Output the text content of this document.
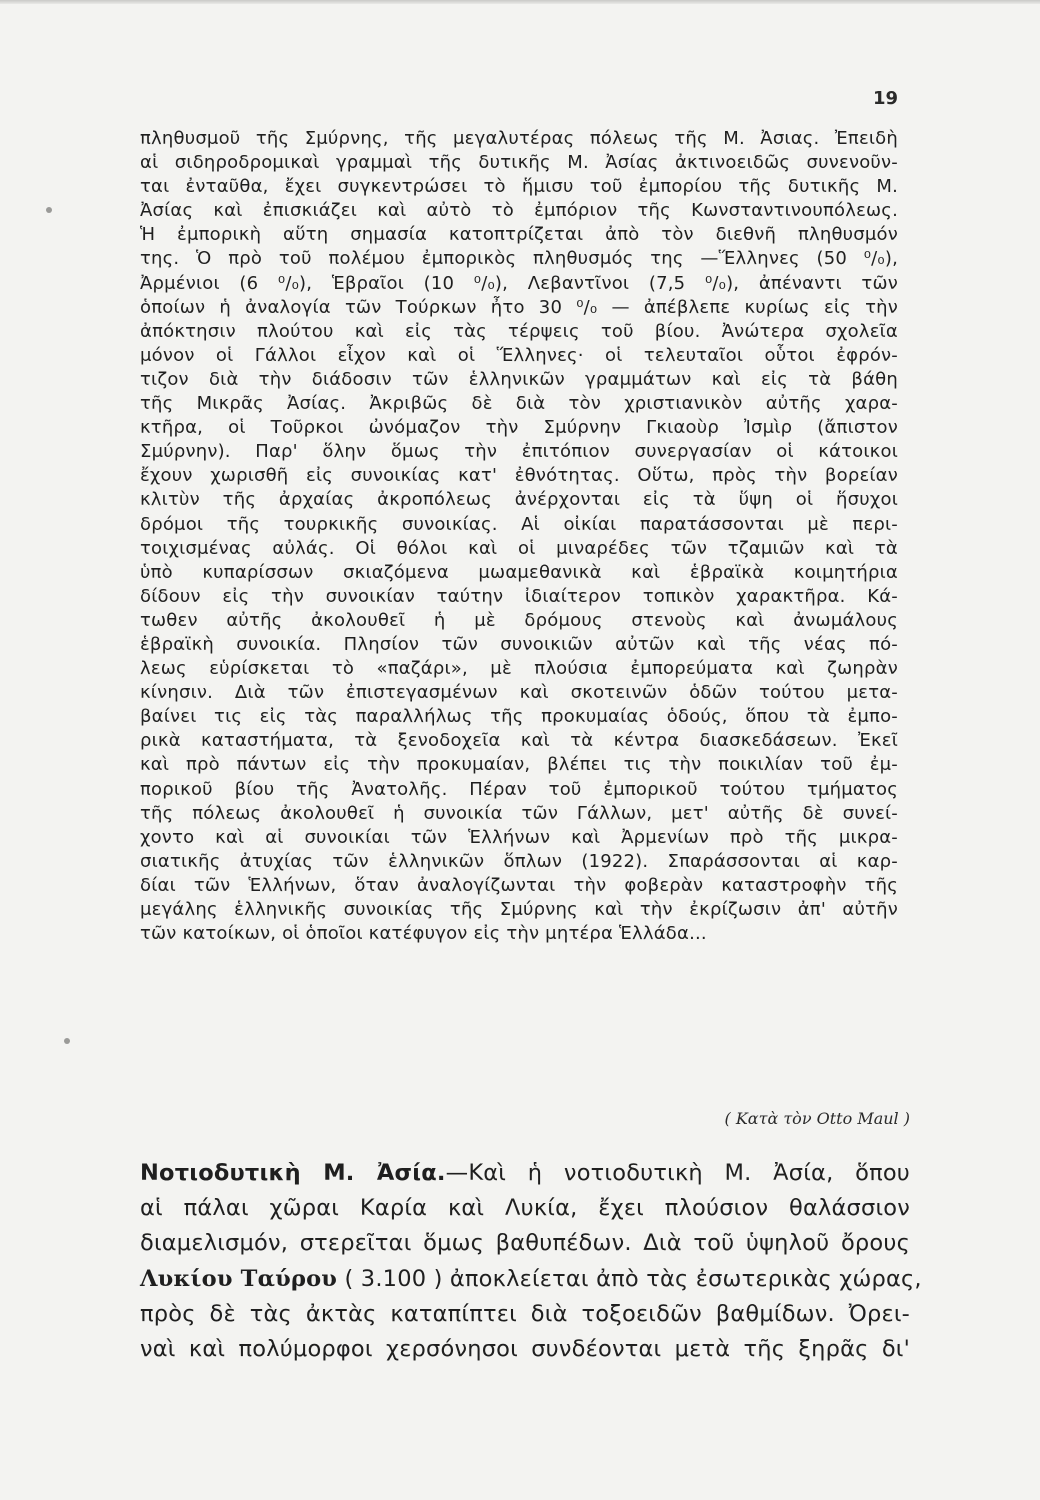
19
πληθυσμοῦ τῆς Σμύρνης, τῆς μεγαλυτέρας πόλεως τῆς Μ. Ἀσιας. Ἐπειδὴ
αἱ σιδηροδρομικαὶ γραμμαὶ τῆς δυτικῆς Μ. Ἀσίας ἀκτινοειδῶς συνενοῦν-
ται ἐνταῦθα, ἔχει συγκεντρώσει τὸ ἥμισυ τοῦ ἐμπορίου τῆς δυτικῆς Μ.
Ἀσίας καὶ ἐπισκιάζει καὶ αὐτὸ τὸ ἐμπόριον τῆς Κωνσταντινουπόλεως.
Ἡ ἐμπορικὴ αὕτη σημασία κατοπτρίζεται ἀπὸ τὸν διεθνῆ πληθυσμόν
της. Ὁ πρὸ τοῦ πολέμου ἐμπορικὸς πληθυσμός της —Ἕλληνες (50 ⁰/₀),
Ἀρμένιοι (6 ⁰/₀), Ἑβραῖοι (10 ⁰/₀), Λεβαντῖνοι (7,5 ⁰/₀), ἀπέναντι τῶν
ὁποίων ἡ ἀναλογία τῶν Τούρκων ἦτο 30 ⁰/₀ — ἀπέβλεπε κυρίως εἰς τὴν
ἀπόκτησιν πλούτου καὶ εἰς τὰς τέρψεις τοῦ βίου. Ἀνώτερα σχολεῖα
μόνον οἱ Γάλλοι εἶχον καὶ οἱ Ἕλληνες· οἱ τελευταῖοι οὗτοι ἐφρόν-
τιζον διὰ τὴν διάδοσιν τῶν ἑλληνικῶν γραμμάτων καὶ εἰς τὰ βάθη
τῆς Μικρᾶς Ἀσίας. Ἀκριβῶς δὲ διὰ τὸν χριστιανικὸν αὐτῆς χαρα-
κτῆρα, οἱ Τοῦρκοι ὠνόμαζον τὴν Σμύρνην Γκιαοὺρ Ἰσμὶρ (ἄπιστον
Σμύρνην). Παρ' ὅλην ὅμως τὴν ἐπιτόπιον συνεργασίαν οἱ κάτοικοι
ἔχουν χωρισθῆ εἰς συνοικίας κατ' ἐθνότητας. Οὕτω, πρὸς τὴν βορείαν
κλιτὺν τῆς ἀρχαίας ἀκροπόλεως ἀνέρχονται εἰς τὰ ὕψη οἱ ἥσυχοι
δρόμοι τῆς τουρκικῆς συνοικίας. Αἱ οἰκίαι παρατάσσονται μὲ περι-
τοιχισμένας αὐλάς. Οἱ θόλοι καὶ οἱ μιναρέδες τῶν τζαμιῶν καὶ τὰ
ὑπὸ κυπαρίσσων σκιαζόμενα μωαμεθανικὰ καὶ ἑβραϊκὰ κοιμητήρια
δίδουν εἰς τὴν συνοικίαν ταύτην ἰδιαίτερον τοπικὸν χαρακτῆρα. Κά-
τωθεν αὐτῆς ἀκολουθεῖ ἡ μὲ δρόμους στενοὺς καὶ ἀνωμάλους
ἑβραϊκὴ συνοικία. Πλησίον τῶν συνοικιῶν αὐτῶν καὶ τῆς νέας πό-
λεως εὑρίσκεται τὸ «παζάρι», μὲ πλούσια ἐμπορεύματα καὶ ζωηρὰν
κίνησιν. Διὰ τῶν ἐπιστεγασμένων καὶ σκοτεινῶν ὁδῶν τούτου μετα-
βαίνει τις εἰς τὰς παραλλήλως τῆς προκυμαίας ὁδούς, ὅπου τὰ ἐμπο-
ρικὰ καταστήματα, τὰ ξενοδοχεῖα καὶ τὰ κέντρα διασκεδάσεων. Ἐκεῖ
καὶ πρὸ πάντων εἰς τὴν προκυμαίαν, βλέπει τις τὴν ποικιλίαν τοῦ ἐμ-
πορικοῦ βίου τῆς Ἀνατολῆς. Πέραν τοῦ ἐμπορικοῦ τούτου τμήματος
τῆς πόλεως ἀκολουθεῖ ἡ συνοικία τῶν Γάλλων, μετ' αὐτῆς δὲ συνεί-
χοντο καὶ αἱ συνοικίαι τῶν Ἑλλήνων καὶ Ἀρμενίων πρὸ τῆς μικρα-
σιατικῆς ἀτυχίας τῶν ἑλληνικῶν ὅπλων (1922). Σπαράσσονται αἱ καρ-
δίαι τῶν Ἑλλήνων, ὅταν ἀναλογίζωνται τὴν φοβερὰν καταστροφὴν τῆς
μεγάλης ἑλληνικῆς συνοικίας τῆς Σμύρνης καὶ τὴν ἐκρίζωσιν ἀπ' αὐτῆν
τῶν κατοίκων, οἱ ὁποῖοι κατέφυγον εἰς τὴν μητέρα Ἑλλάδα...
( Κατὰ τὸν Otto Maul )
Νοτιοδυτικὴ Μ. Ἀσία.—Καὶ ἡ νοτιοδυτικὴ Μ. Ἀσία, ὅπου
αἱ πάλαι χῶραι Καρία καὶ Λυκία, ἔχει πλούσιον θαλάσσιον
διαμελισμόν, στερεῖται ὅμως βαθυπέδων. Διὰ τοῦ ὑψηλοῦ ὄρους
Λυκίου Ταύρου ( 3.100 ) ἀποκλείεται ἀπὸ τὰς ἐσωτερικὰς χώρας,
πρὸς δὲ τὰς ἀκτὰς καταπίπτει διὰ τοξοειδῶν βαθμίδων. Ὀρει-
ναὶ καὶ πολύμορφοι χερσόνησοι συνδέονται μετὰ τῆς ξηρᾶς δι'
